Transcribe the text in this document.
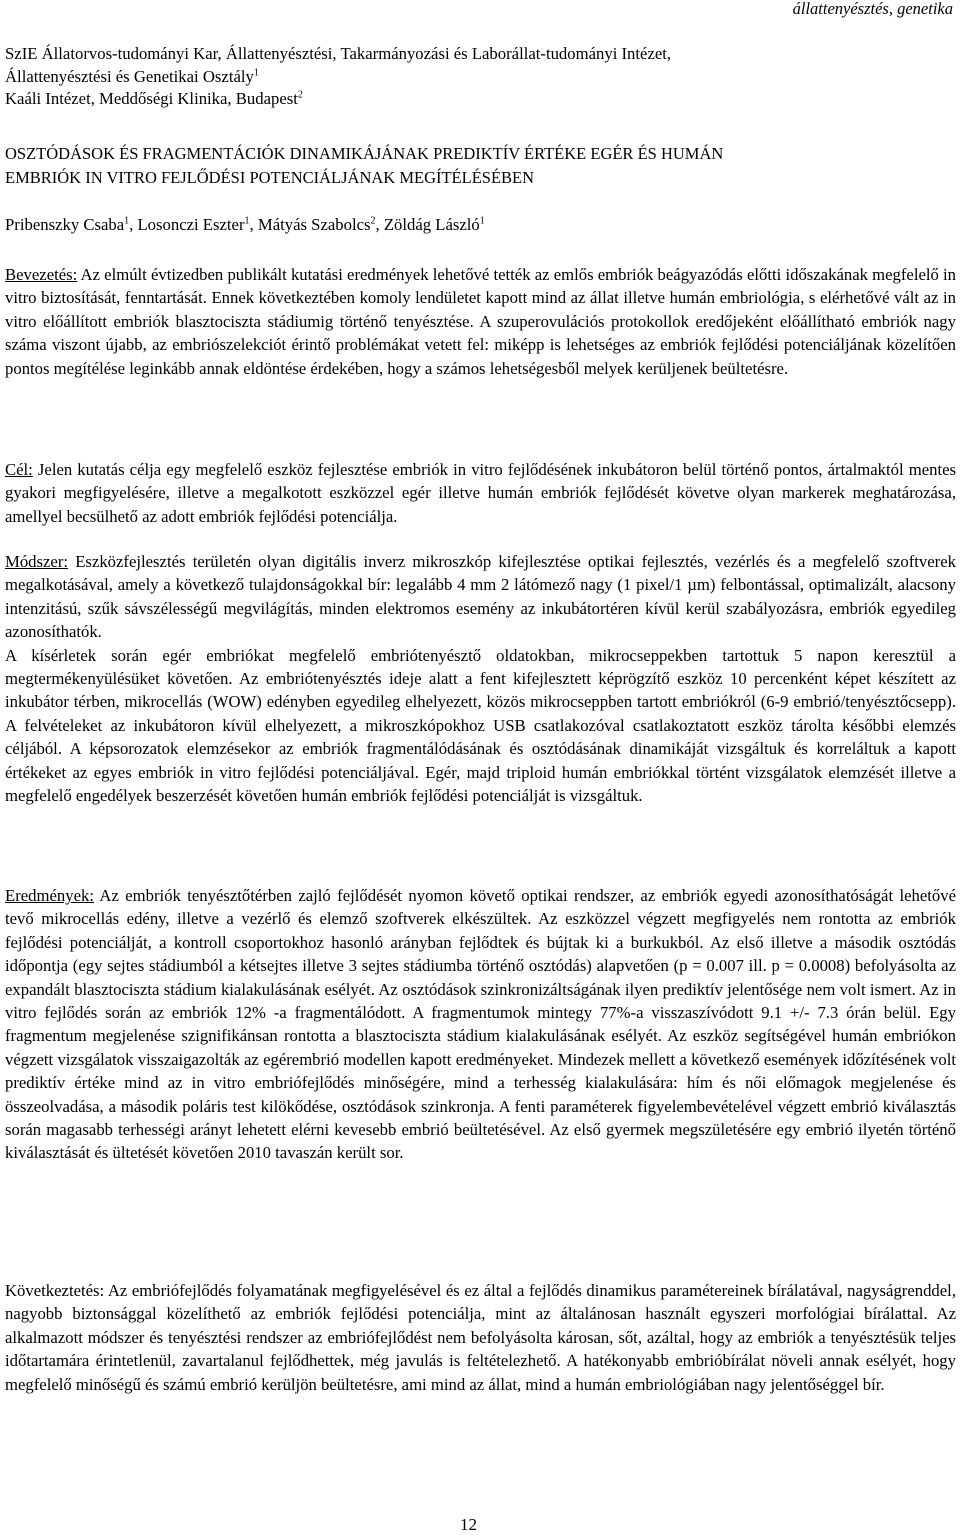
állattenyésztés, genetika
SzIE Állatorvos-tudományi Kar, Állattenyésztési, Takarmányozási és Laborállat-tudományi Intézet,
Állattenyésztési és Genetikai Osztály$^1$
Kaáli Intézet, Meddőségi Klinika, Budapest$^2$
OSZTÓDÁSOK ÉS FRAGMENTÁCIÓK DINAMIKÁJÁNAK PREDIKTÍV ÉRTÉKE EGÉR ÉS HUMÁN
EMBRIÓK IN VITRO FEJLŐDÉSI POTENCIÁLJÁNAK MEGÍTÉLÉSÉBEN
Pribenszky Csaba$^1$, Losonczi Eszter$^1$, Mátyás Szabolcs$^2$, Zöldág László$^1$
Bevezetés: Az elmúlt évtizedben publikált kutatási eredmények lehetővé tették az emlős embriók beágyazódás előtti időszakának megfelelő in vitro biztosítását, fenntartását. Ennek következtében komoly lendületet kapott mind az állat illetve humán embriológia, s elérhetővé vált az in vitro előállított embriók blasztociszta stádiumig történő tenyésztése. A szuperovulációs protokollok eredőjeként előállítható embriók nagy száma viszont újabb, az embriószelekciót érintő problémákat vetett fel: miképp is lehetséges az embriók fejlődési potenciáljának közelítően pontos megítélése leginkább annak eldöntése érdekében, hogy a számos lehetségesből melyek kerüljenek beültetésre.
Cél: Jelen kutatás célja egy megfelelő eszköz fejlesztése embriók in vitro fejlődésének inkubátoron belül történő pontos, ártalmaktól mentes gyakori megfigyelésére, illetve a megalkotott eszközzel egér illetve humán embriók fejlődését követve olyan markerek meghatározása, amellyel becsülhető az adott embriók fejlődési potenciálja.
Módszer: Eszközfejlesztés területén olyan digitális inverz mikroszkóp kifejlesztése optikai fejlesztés, vezérlés és a megfelelő szoftverek megalkotásával, amely a következő tulajdonságokkal bír: legalább 4 mm 2 látómező nagy (1 pixel/1 µm) felbontással, optimalizált, alacsony intenzitású, szűk sávszélességű megvilágítás, minden elektromos esemény az inkubátortéren kívül kerül szabályozásra, embriók egyedileg azonosíthatók.
A kísérletek során egér embriókat megfelelő embriótenyésztő oldatokban, mikrocseppekben tartottuk 5 napon keresztül a megtermékenyülésüket követően. Az embriótenyésztés ideje alatt a fent kifejlesztett képrögzítő eszköz 10 percenként képet készített az inkubátor térben, mikrocellás (WOW) edényben egyedileg elhelyezett, közös mikrocseppben tartott embriókról (6-9 embrió/tenyésztőcsepp). A felvételeket az inkubátoron kívül elhelyezett, a mikroszkópokhoz USB csatlakozóval csatlakoztatott eszköz tárolta későbbi elemzés céljából. A képsorozatok elemzésekor az embriók fragmentálódásának és osztódásának dinamikáját vizsgáltuk és korreláltuk a kapott értékeket az egyes embriók in vitro fejlődési potenciáljával. Egér, majd triploid humán embriókkal történt vizsgálatok elemzését illetve a megfelelő engedélyek beszerzését követően humán embriók fejlődési potenciálját is vizsgáltuk.
Eredmények: Az embriók tenyésztőtérben zajló fejlődését nyomon követő optikai rendszer, az embriók egyedi azonosíthatóságát lehetővé tevő mikrocellás edény, illetve a vezérlő és elemző szoftverek elkészültek. Az eszközzel végzett megfigyelés nem rontotta az embriók fejlődési potenciálját, a kontroll csoportokhoz hasonló arányban fejlődtek és bújtak ki a burkukból. Az első illetve a második osztódás időpontja (egy sejtes stádiumból a kétsejtes illetve 3 sejtes stádiumba történő osztódás) alapvetően (p = 0.007 ill. p = 0.0008) befolyásolta az expandált blasztociszta stádium kialakulásának esélyét. Az osztódások szinkronizáltságának ilyen prediktív jelentősége nem volt ismert. Az in vitro fejlődés során az embriók 12% -a fragmentálódott. A fragmentumok mintegy 77%-a visszaszívódott 9.1 +/- 7.3 órán belül. Egy fragmentum megjelenése szignifikánsan rontotta a blasztociszta stádium kialakulásának esélyét. Az eszköz segítségével humán embriókon végzett vizsgálatok visszaigazolták az egérembrió modellen kapott eredményeket. Mindezek mellett a következő események időzítésének volt prediktív értéke mind az in vitro embriófejlődés minőségére, mind a terhesség kialakulására: hím és női előmagok megjelenése és összeolvadása, a második poláris test kilökődése, osztódások szinkronja. A fenti paraméterek figyelembevételével végzett embrió kiválasztás során magasabb terhességi arányt lehetett elérni kevesebb embrió beültetésével. Az első gyermek megszületésére egy embrió ilyetén történő kiválasztását és ültetését követően 2010 tavaszán került sor.
Következtetés: Az embriófejlődés folyamatának megfigyelésével és ez által a fejlődés dinamikus paramétereinek bírálatával, nagyságrenddel, nagyobb biztonsággal közelíthető az embriók fejlődési potenciálja, mint az általánosan használt egyszeri morfológiai bírálattal. Az alkalmazott módszer és tenyésztési rendszer az embriófejlődést nem befolyásolta károsan, sőt, azáltal, hogy az embriók a tenyésztésük teljes időtartamára érintetlenül, zavartalanul fejlődhettek, még javulás is feltételezhető. A hatékonyabb embrióbírálat növeli annak esélyét, hogy megfelelő minőségű és számú embrió kerüljön beültetésre, ami mind az állat, mind a humán embriológiában nagy jelentőséggel bír.
12
